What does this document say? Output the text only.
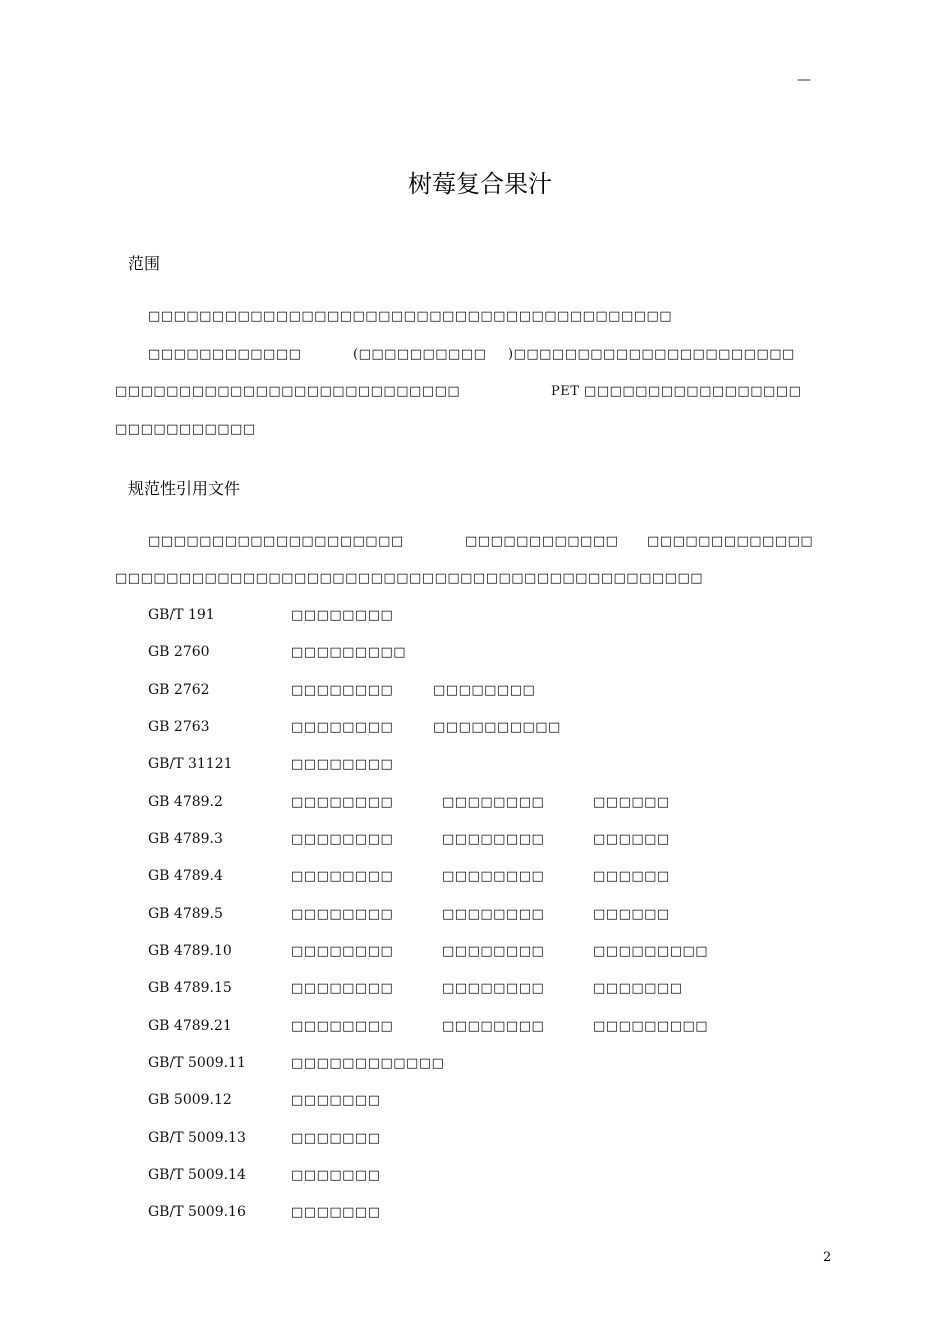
—
树莓复合果汁
范围
□□□□□□□□□□□□□□□□□□□□□□□□□□□□□□□□□□□□□□□□□
□□□□□□□□□□□□	(□□□□□□□□□□ )□□□□□□□□□□□□□□□□□□□□□□
□□□□□□□□□□□□□□□□□□□□□□□□□□□	PET □□□□□□□□□□□□□□□□□
□□□□□□□□□□□
规范性引用文件
□□□□□□□□□□□□□□□□□□□□	□□□□□□□□□□□□ □□□□□□□□□□□□□
□□□□□□□□□□□□□□□□□□□□□□□□□□□□□□□□□□□□□□□□□□□□□□
GB/T 191	□□□□□□□□
GB 2760	□□□□□□□□□
GB 2762	□□□□□□□□	□□□□□□□□
GB 2763	□□□□□□□□	□□□□□□□□□□
GB/T 31121	□□□□□□□□
GB 4789.2	□□□□□□□□	□□□□□□□□	□□□□□□
GB 4789.3	□□□□□□□□	□□□□□□□□	□□□□□□
GB 4789.4	□□□□□□□□	□□□□□□□□	□□□□□□
GB 4789.5	□□□□□□□□	□□□□□□□□	□□□□□□
GB 4789.10	□□□□□□□□	□□□□□□□□	□□□□□□□□□
GB 4789.15	□□□□□□□□	□□□□□□□□	□□□□□□□
GB 4789.21	□□□□□□□□	□□□□□□□□	□□□□□□□□□
GB/T 5009.11	□□□□□□□□□□□□
GB 5009.12	□□□□□□□
GB/T 5009.13	□□□□□□□
GB/T 5009.14	□□□□□□□
GB/T 5009.16	□□□□□□□
2
